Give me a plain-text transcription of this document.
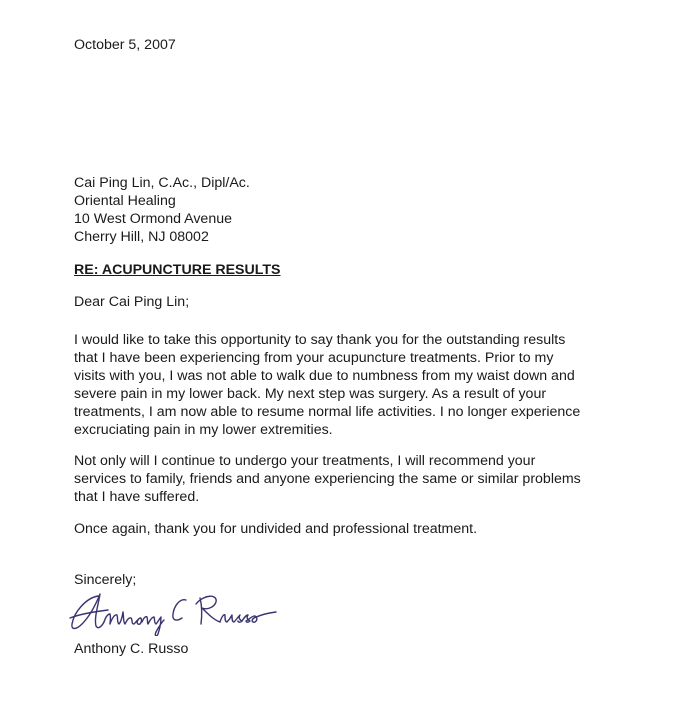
October 5, 2007
Cai Ping Lin, C.Ac., Dipl/Ac.
Oriental Healing
10 West Ormond Avenue
Cherry Hill, NJ 08002
RE: ACUPUNCTURE RESULTS
Dear Cai Ping Lin;
I would like to take this opportunity to say thank you for the outstanding results
that I have been experiencing from your acupuncture treatments. Prior to my
visits with you, I was not able to walk due to numbness from my waist down and
severe pain in my lower back. My next step was surgery. As a result of your
treatments, I am now able to resume normal life activities. I no longer experience
excruciating pain in my lower extremities.
Not only will I continue to undergo your treatments, I will recommend your
services to family, friends and anyone experiencing the same or similar problems
that I have suffered.
Once again, thank you for undivided and professional treatment.
Sincerely;
Anthony C. Russo
